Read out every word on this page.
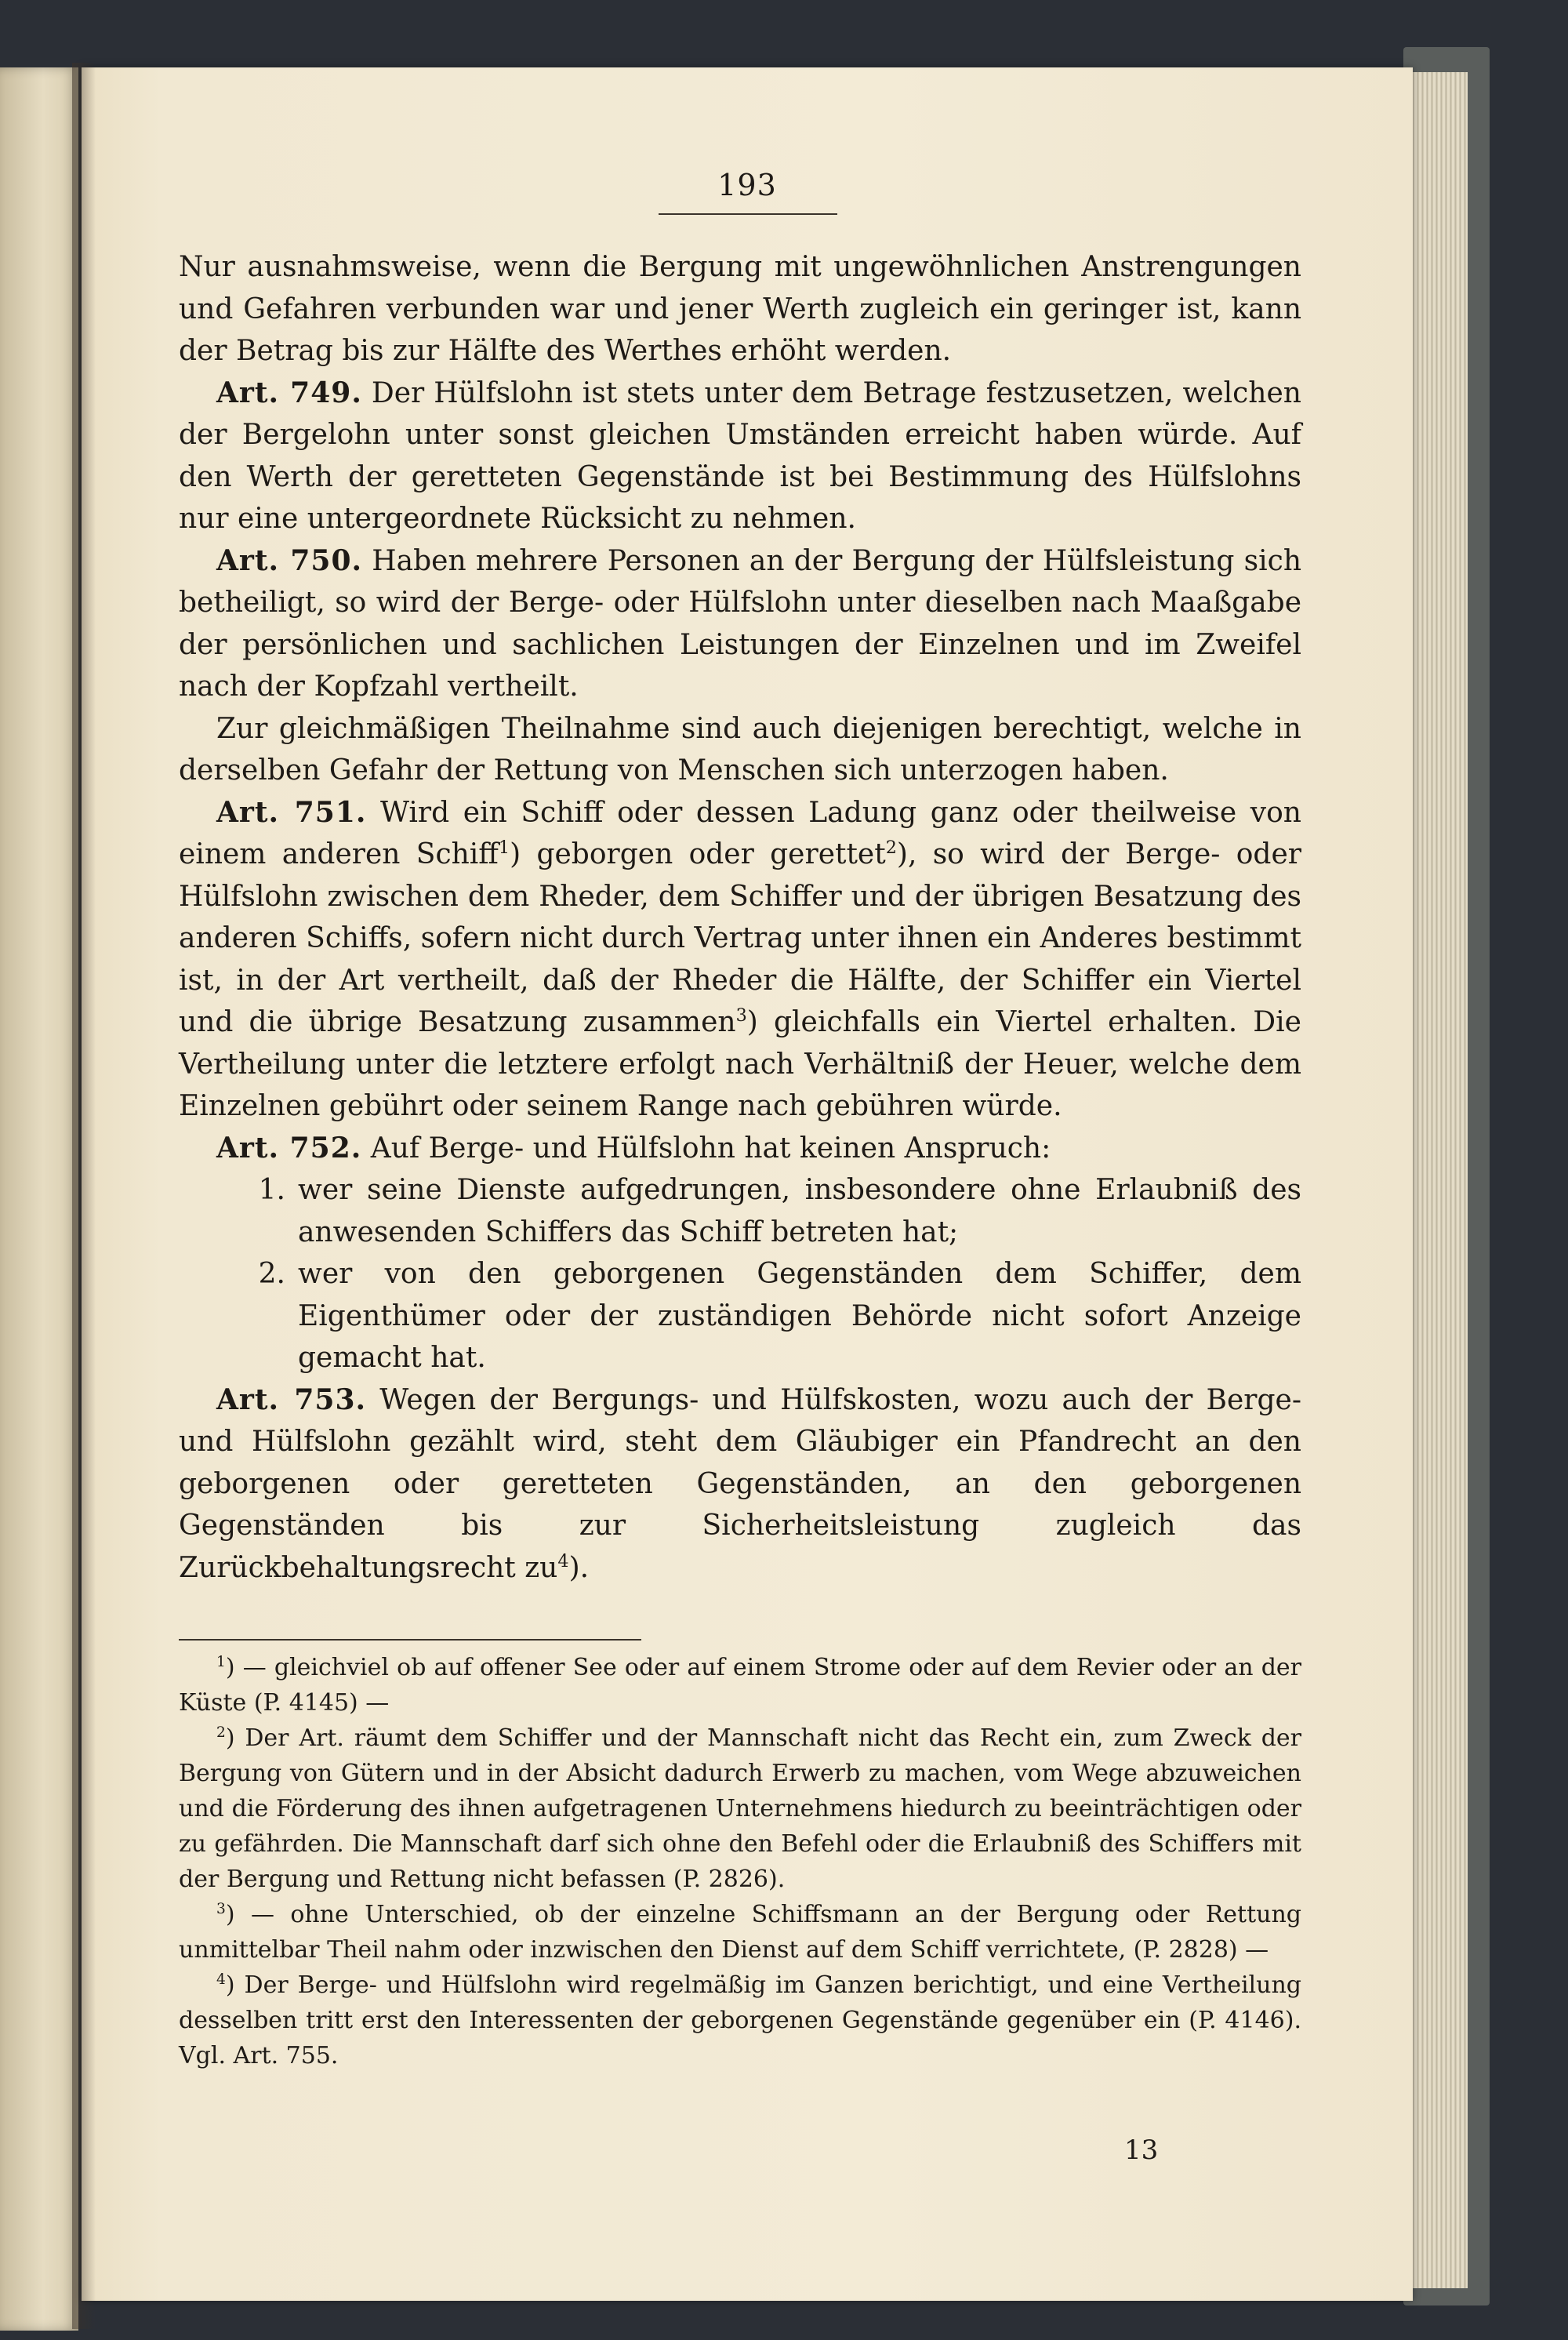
193

Nur ausnahmsweise, wenn die Bergung mit ungewöhnlichen Anstrengungen und Gefahren verbunden war und jener Werth zugleich ein geringer ist, kann der Betrag bis zur Hälfte des Werthes erhöht werden.

Art. 749. Der Hülfslohn ist stets unter dem Betrage festzusetzen, welchen der Bergelohn unter sonst gleichen Umständen erreicht haben würde. Auf den Werth der geretteten Gegenstände ist bei Bestimmung des Hülfslohns nur eine untergeordnete Rücksicht zu nehmen.

Art. 750. Haben mehrere Personen an der Bergung der Hülfsleistung sich betheiligt, so wird der Berge- oder Hülfslohn unter dieselben nach Maaßgabe der persönlichen und sachlichen Leistungen der Einzelnen und im Zweifel nach der Kopfzahl vertheilt.

Zur gleichmäßigen Theilnahme sind auch diejenigen berechtigt, welche in derselben Gefahr der Rettung von Menschen sich unterzogen haben.

Art. 751. Wird ein Schiff oder dessen Ladung ganz oder theilweise von einem anderen Schiff$^1$) geborgen oder gerettet$^2$), so wird der Berge- oder Hülfslohn zwischen dem Rheder, dem Schiffer und der übrigen Besatzung des anderen Schiffs, sofern nicht durch Vertrag unter ihnen ein Anderes bestimmt ist, in der Art vertheilt, daß der Rheder die Hälfte, der Schiffer ein Viertel und die übrige Besatzung zusammen$^3$) gleichfalls ein Viertel erhalten. Die Vertheilung unter die letztere erfolgt nach Verhältniß der Heuer, welche dem Einzelnen gebührt oder seinem Range nach gebühren würde.

Art. 752. Auf Berge- und Hülfslohn hat keinen Anspruch:

1. wer seine Dienste aufgedrungen, insbesondere ohne Erlaubniß des anwesenden Schiffers das Schiff betreten hat;
2. wer von den geborgenen Gegenständen dem Schiffer, dem Eigenthümer oder der zuständigen Behörde nicht sofort Anzeige gemacht hat.

Art. 753. Wegen der Bergungs- und Hülfskosten, wozu auch der Berge- und Hülfslohn gezählt wird, steht dem Gläubiger ein Pfandrecht an den geborgenen oder geretteten Gegenständen, an den geborgenen Gegenständen bis zur Sicherheitsleistung zugleich das Zurückbehaltungsrecht $zu^4$).

$^1$) — gleichviel ob auf offener See oder auf einem Strome oder auf dem Revier oder an der Küste (P. 4145) —

$^2$) Der Art. räumt dem Schiffer und der Mannschaft nicht das Recht ein, zum Zweck der Bergung von Gütern und in der Absicht dadurch Erwerb zu machen, vom Wege abzuweichen und die Förderung des ihnen aufgetragenen Unternehmens hiedurch zu beeinträchtigen oder zu gefährden. Die Mannschaft darf sich ohne den Befehl oder die Erlaubniß des Schiffers mit der Bergung und Rettung nicht befassen (P. 2826).

$^3$) — ohne Unterschied, ob der einzelne Schiffsmann an der Bergung oder Rettung unmittelbar Theil nahm oder inzwischen den Dienst auf dem Schiff verrichtete, (P. 2828) —

$^4$) Der Berge- und Hülfslohn wird regelmäßig im Ganzen berichtigt, und eine Vertheilung desselben tritt erst den Interessenten der geborgenen Gegenstände gegenüber ein (P. 4146). Vgl. Art. 755.

13
